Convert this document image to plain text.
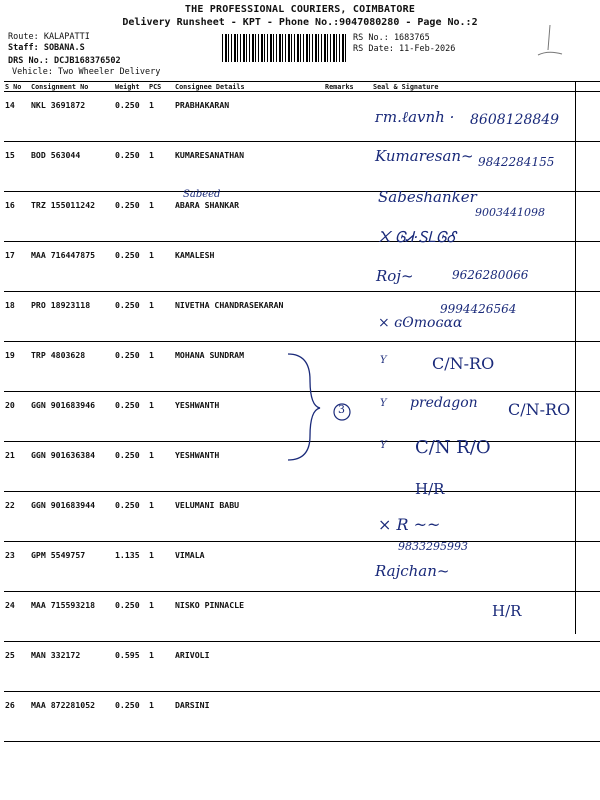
THE PROFESSIONAL COURIERS, COIMBATORE
Delivery Runsheet - KPT - Phone No.:9047080280 - Page No.:2
Route: KALAPATTI
Staff: SOBANA.S
DRS No.: DCJB168376502
Vehicle: Two Wheeler Delivery
RS No.: 1683765
RS Date: 11-Feb-2026
S No	Consignment No	Weight	PCS	Consignee Details	Remarks	Seal & Signature
14	NKL 3691872	0.250	1	PRABHAKARAN		
15	BOD 563044	0.250	1	KUMARESANATHAN		
16	TRZ 155011242	0.250	1	ABARA SHANKAR		
17	MAA 716447875	0.250	1	KAMALESH		
18	PRO 18923118	0.250	1	NIVETHA CHANDRASEKARAN		
19	TRP 4803628	0.250	1	MOHANA SUNDRAM		
20	GGN 901683946	0.250	1	YESHWANTH		
21	GGN 901636384	0.250	1	YESHWANTH		
22	GGN 901683944	0.250	1	VELUMANI BABU		
23	GPM 5549757	1.135	1	VIMALA		
24	MAA 715593218	0.250	1	NISKO PINNACLE		
25	MAN 332172	0.595	1	ARIVOLI		
26	MAA 872281052	0.250	1	DARSINI		
ᴦm.ℓavnh · 8608128849
Kumaresan~ 9842284155
Sabeed	Sabeshanker
9003441098
᙭ ᎶᏗ·ᏚᏞᎶᎴ
Roj~	9626280066
9994426564
× ɢʘmoɢɑɑ
Y	C/N-RO
3	Y predagon C/N-RO
Y C/N R/O
H/R
× R ~~
9833295993
Rajchan~
H/R
